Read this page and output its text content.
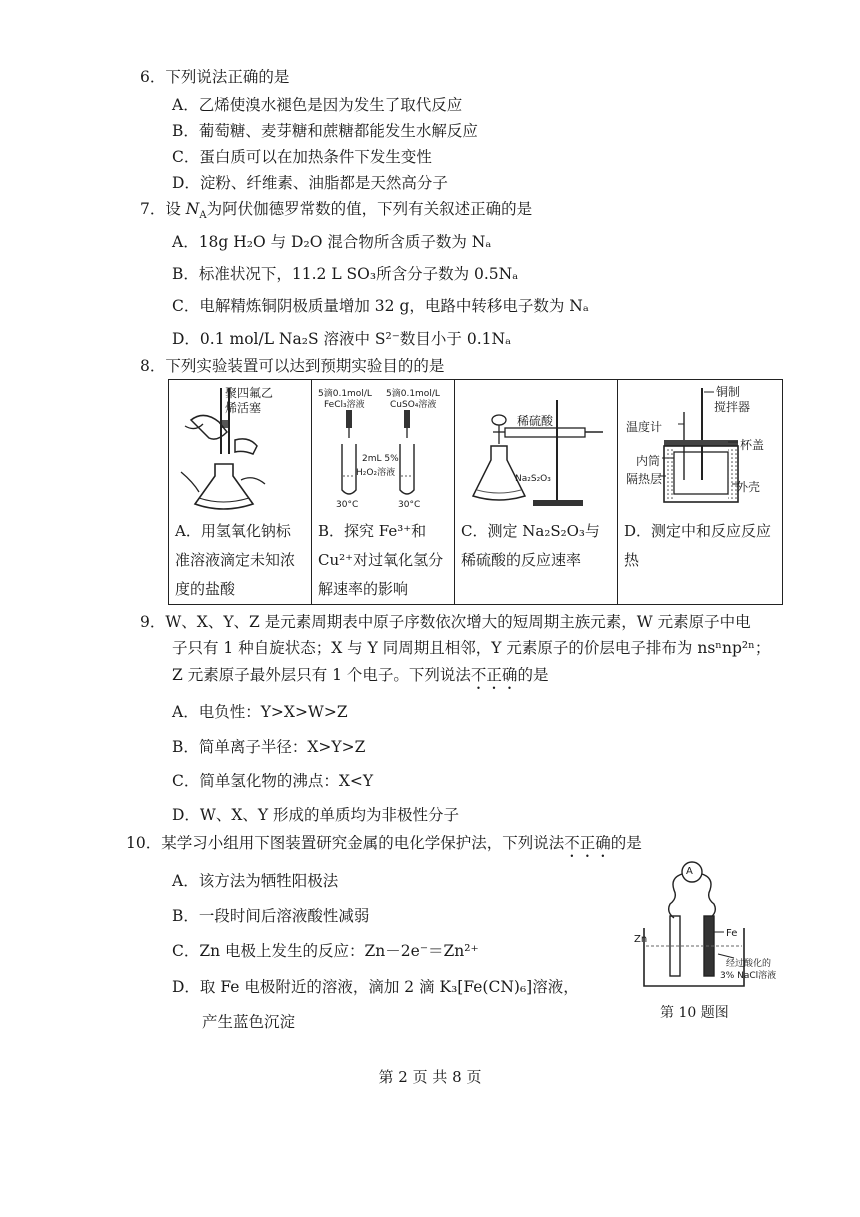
6．下列说法正确的是
A．乙烯使溴水褪色是因为发生了取代反应
B．葡萄糖、麦芽糖和蔗糖都能发生水解反应
C．蛋白质可以在加热条件下发生变性
D．淀粉、纤维素、油脂都是天然高分子
7．设 $N_A$为阿伏伽德罗常数的值，下列有关叙述正确的是
A．18g H₂O 与 D₂O 混合物所含质子数为 Nₐ
B．标准状况下，11.2 L SO₃所含分子数为 0.5Nₐ
C．电解精炼铜阴极质量增加 32 g，电路中转移电子数为 Nₐ
D．0.1 mol/L Na₂S 溶液中 S²⁻数目小于 0.1Nₐ
8．下列实验装置可以达到预期实验目的的是
聚四氟乙
烯活塞
A．用氢氧化钠标准溶液滴定未知浓度的盐酸

5滴0.1mol/L
FeCl₃溶液
5滴0.1mol/L
CuSO₄溶液
2mL 5%
H₂O₂溶液
30°C	30°C
B．探究 Fe³⁺和 Cu²⁺对过氧化氢分解速率的影响

稀硫酸
Na₂S₂O₃
C．测定 Na₂S₂O₃与稀硫酸的反应速率

铜制
搅拌器
温度计
杯盖
内筒
隔热层
外壳
D．测定中和反应反应热
9．W、X、Y、Z 是元素周期表中原子序数依次增大的短周期主族元素，W 元素原子中电
子只有 1 种自旋状态；X 与 Y 同周期且相邻，Y 元素原子的价层电子排布为 nsⁿnp²ⁿ；
Z 元素原子最外层只有 1 个电子。下列说法不正确的是
A．电负性：Y>X>W>Z
B．简单离子半径：X>Y>Z
C．简单氢化物的沸点：X<Y
D．W、X、Y 形成的单质均为非极性分子
10．某学习小组用下图装置研究金属的电化学保护法，下列说法不正确的是
A．该方法为牺牲阳极法
B．一段时间后溶液酸性减弱
C．Zn 电极上发生的反应：Zn－2e⁻＝Zn²⁺
D．取 Fe 电极附近的溶液，滴加 2 滴 K₃[Fe(CN)₆]溶液，
产生蓝色沉淀
A
Zn
Fe
经过酸化的
3% NaCl溶液
第 10 题图
第 2 页 共 8 页
